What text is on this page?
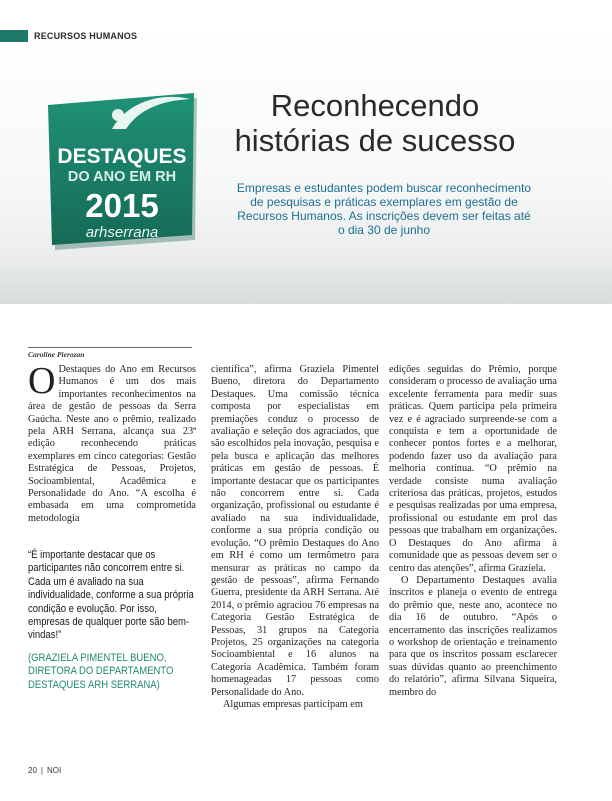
RECURSOS HUMANOS
DESTAQUES
DO ANO EM RH
2015
arhserrana
Reconhecendo
histórias de sucesso

Empresas e estudantes podem buscar reconhecimento de pesquisas e práticas exemplares em gestão de Recursos Humanos. As inscrições devem ser feitas até o dia 30 de junho

Caroline Pierozan

O Destaques do Ano em Recursos Humanos é um dos mais importantes reconhecimentos na área de gestão de pessoas da Serra Gaúcha. Neste ano o prêmio, realizado pela ARH Serrana, alcança sua 23ª edição reconhecendo práticas exemplares em cinco categorias: Gestão Estratégica de Pessoas, Projetos, Socioambiental, Acadêmica e Personalidade do Ano. “A escolha é embasada em uma comprometida metodologia

“É importante destacar que os participantes não concorrem entre si. Cada um é avaliado na sua individualidade, conforme a sua própria condição e evolução. Por isso, empresas de qualquer porte são bem-vindas!”

(GRAZIELA PIMENTEL BUENO, DIRETORA DO DEPARTAMENTO DESTAQUES ARH SERRANA)

científica”, afirma Graziela Pimentel Bueno, diretora do Departamento Destaques. Uma comissão técnica composta por especialistas em premiações conduz o processo de avaliação e seleção dos agraciados, que são escolhidos pela inovação, pesquisa e pela busca e aplicação das melhores práticas em gestão de pessoas. É importante destacar que os participantes não concorrem entre si. Cada organização, profissional ou estudante é avaliado na sua individualidade, conforme a sua própria condição ou evolução. “O prêmio Destaques do Ano em RH é como um termômetro para mensurar as práticas no campo da gestão de pessoas”, afirma Fernando Guerra, presidente da ARH Serrana. Até 2014, o prêmio agraciou 76 empresas na Categoria Gestão Estratégica de Pessoas, 31 grupos na Categoria Projetos, 25 organizações na categoria Socioambiental e 16 alunos na Categoria Acadêmica. Também foram homenageadas 17 pessoas como Personalidade do Ano.

Algumas empresas participam em

edições seguidas do Prêmio, porque consideram o processo de avaliação uma excelente ferramenta para medir suas práticas. Quem participa pela primeira vez e é agraciado surpreende-se com a conquista e tem a oportunidade de conhecer pontos fortes e a melhorar, podendo fazer uso da avaliação para melhoria contínua. “O prêmio na verdade consiste numa avaliação criteriosa das práticas, projetos, estudos e pesquisas realizadas por uma empresa, profissional ou estudante em prol das pessoas que trabalham em organizações. O Destaques do Ano afirma à comunidade que as pessoas devem ser o centro das atenções”, afirma Graziela.

O Departamento Destaques avalia inscritos e planeja o evento de entrega do prêmio que, neste ano, acontece no dia 16 de outubro. “Após o encerramento das inscrições realizamos o workshop de orientação e treinamento para que os inscritos possam esclarecer suas dúvidas quanto ao preenchimento do relatório”, afirma Silvana Siqueira, membro do

20 | NOI
